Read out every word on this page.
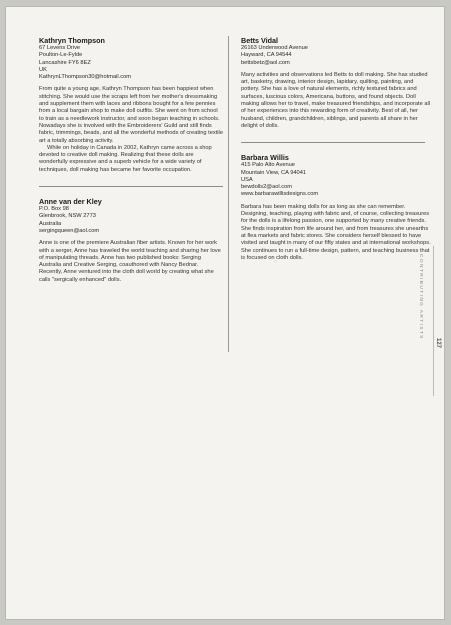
Kathryn Thompson

67 Levens Drive

Poulton-Le-Fylde

Lancashire FY6 8EZ

UK

KathrynLThompson30@hotmail.com

From quite a young age, Kathryn Thompson has been happiest when stitching. She would use the scraps left from her mother's dressmaking and supplement them with laces and ribbons bought for a few pennies from a local bargain shop to make doll outfits. She went on from school to train as a needlework instructor, and soon began teaching in schools. Nowadays she is involved with the Embroiderers' Guild and still finds fabric, trimmings, beads, and all the wonderful methods of creating textile art a totally absorbing activity.

While on holiday in Canada in 2002, Kathryn came across a shop devoted to creative doll making. Realizing that these dolls are wonderfully expressive and a superb vehicle for a wide variety of techniques, doll making has became her favorite occupation.

Anne van der Kley

P.O. Box 98

Glenbrook, NSW 2773

Australia

sergingqueen@aol.com

Anne is one of the premiere Australian fiber artists. Known for her work with a serger, Anne has traveled the world teaching and sharing her love of manipulating threads. Anne has two published books: Serging Australia and Creative Serging, coauthored with Nancy Bednar. Recently, Anne ventured into the cloth doll world by creating what she calls "sergically enhanced" dolls.

Betts Vidal

26163 Underwood Avenue

Hayward, CA 94544

bettsbetz@aol.com

Many activities and observations led Betts to doll making. She has studied art, basketry, drawing, interior design, lapidary, quilting, painting, and pottery. She has a love of natural elements, richly textured fabrics and surfaces, luscious colors, Americana, buttons, and found objects. Doll making allows her to travel, make treasured friendships, and incorporate all of her experiences into this rewarding form of creativity. Best of all, her husband, children, grandchildren, siblings, and parents all share in her delight of dolls.

Barbara Willis

415 Palo Alto Avenue

Mountain View, CA 94041

USA

bewdolls2@aol.com

www.barbarawillisdesigns.com

Barbara has been making dolls for as long as she can remember. Designing, teaching, playing with fabric and, of course, collecting treasures for the dolls is a lifelong passion, one supported by many creative friends. She finds inspiration from life around her, and from treasures she unearths at flea markets and fabric stores. She considers herself blessed to have visited and taught in many of our fifty states and at international workshops. She continues to run a full-time design, pattern, and teaching business that is focused on cloth dolls.	CONTRIBUTING ARTISTS
127
